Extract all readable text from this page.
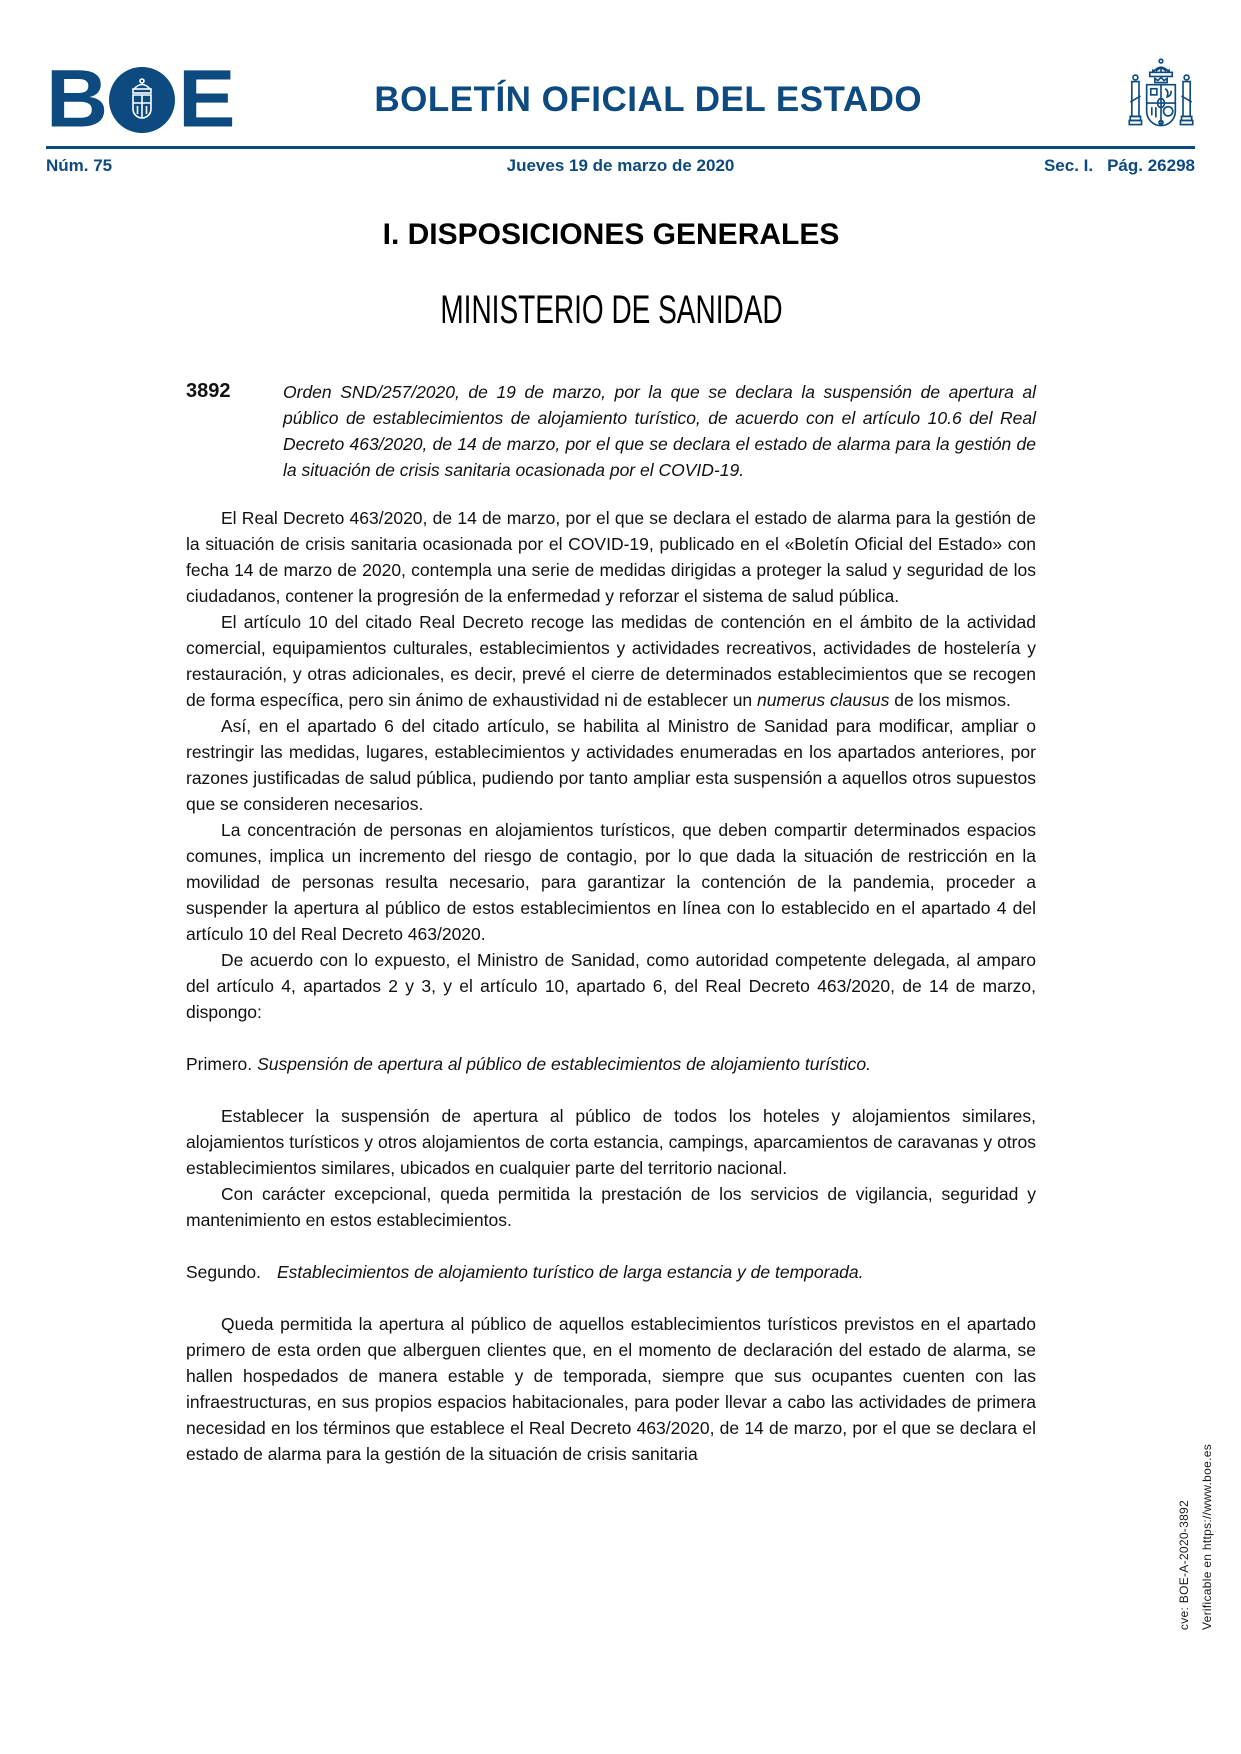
B E	BOLETÍN OFICIAL DEL ESTADO
Núm. 75	Jueves 19 de marzo de 2020	Sec. I. Pág. 26298
I. DISPOSICIONES GENERALES
MINISTERIO DE SANIDAD
3892	Orden SND/257/2020, de 19 de marzo, por la que se declara la suspensión de apertura al público de establecimientos de alojamiento turístico, de acuerdo con el artículo 10.6 del Real Decreto 463/2020, de 14 de marzo, por el que se declara el estado de alarma para la gestión de la situación de crisis sanitaria ocasionada por el COVID-19.

El Real Decreto 463/2020, de 14 de marzo, por el que se declara el estado de alarma para la gestión de la situación de crisis sanitaria ocasionada por el COVID-19, publicado en el «Boletín Oficial del Estado» con fecha 14 de marzo de 2020, contempla una serie de medidas dirigidas a proteger la salud y seguridad de los ciudadanos, contener la progresión de la enfermedad y reforzar el sistema de salud pública.

El artículo 10 del citado Real Decreto recoge las medidas de contención en el ámbito de la actividad comercial, equipamientos culturales, establecimientos y actividades recreativos, actividades de hostelería y restauración, y otras adicionales, es decir, prevé el cierre de determinados establecimientos que se recogen de forma específica, pero sin ánimo de exhaustividad ni de establecer un numerus clausus de los mismos.

Así, en el apartado 6 del citado artículo, se habilita al Ministro de Sanidad para modificar, ampliar o restringir las medidas, lugares, establecimientos y actividades enumeradas en los apartados anteriores, por razones justificadas de salud pública, pudiendo por tanto ampliar esta suspensión a aquellos otros supuestos que se consideren necesarios.

La concentración de personas en alojamientos turísticos, que deben compartir determinados espacios comunes, implica un incremento del riesgo de contagio, por lo que dada la situación de restricción en la movilidad de personas resulta necesario, para garantizar la contención de la pandemia, proceder a suspender la apertura al público de estos establecimientos en línea con lo establecido en el apartado 4 del artículo 10 del Real Decreto 463/2020.

De acuerdo con lo expuesto, el Ministro de Sanidad, como autoridad competente delegada, al amparo del artículo 4, apartados 2 y 3, y el artículo 10, apartado 6, del Real Decreto 463/2020, de 14 de marzo, dispongo:

Primero. Suspensión de apertura al público de establecimientos de alojamiento turístico.

Establecer la suspensión de apertura al público de todos los hoteles y alojamientos similares, alojamientos turísticos y otros alojamientos de corta estancia, campings, aparcamientos de caravanas y otros establecimientos similares, ubicados en cualquier parte del territorio nacional.

Con carácter excepcional, queda permitida la prestación de los servicios de vigilancia, seguridad y mantenimiento en estos establecimientos.

Segundo. Establecimientos de alojamiento turístico de larga estancia y de temporada.

Queda permitida la apertura al público de aquellos establecimientos turísticos previstos en el apartado primero de esta orden que alberguen clientes que, en el momento de declaración del estado de alarma, se hallen hospedados de manera estable y de temporada, siempre que sus ocupantes cuenten con las infraestructuras, en sus propios espacios habitacionales, para poder llevar a cabo las actividades de primera necesidad en los términos que establece el Real Decreto 463/2020, de 14 de marzo, por el que se declara el estado de alarma para la gestión de la situación de crisis sanitaria

cve: BOE-A-2020-3892 Verificable en https://www.boe.es
